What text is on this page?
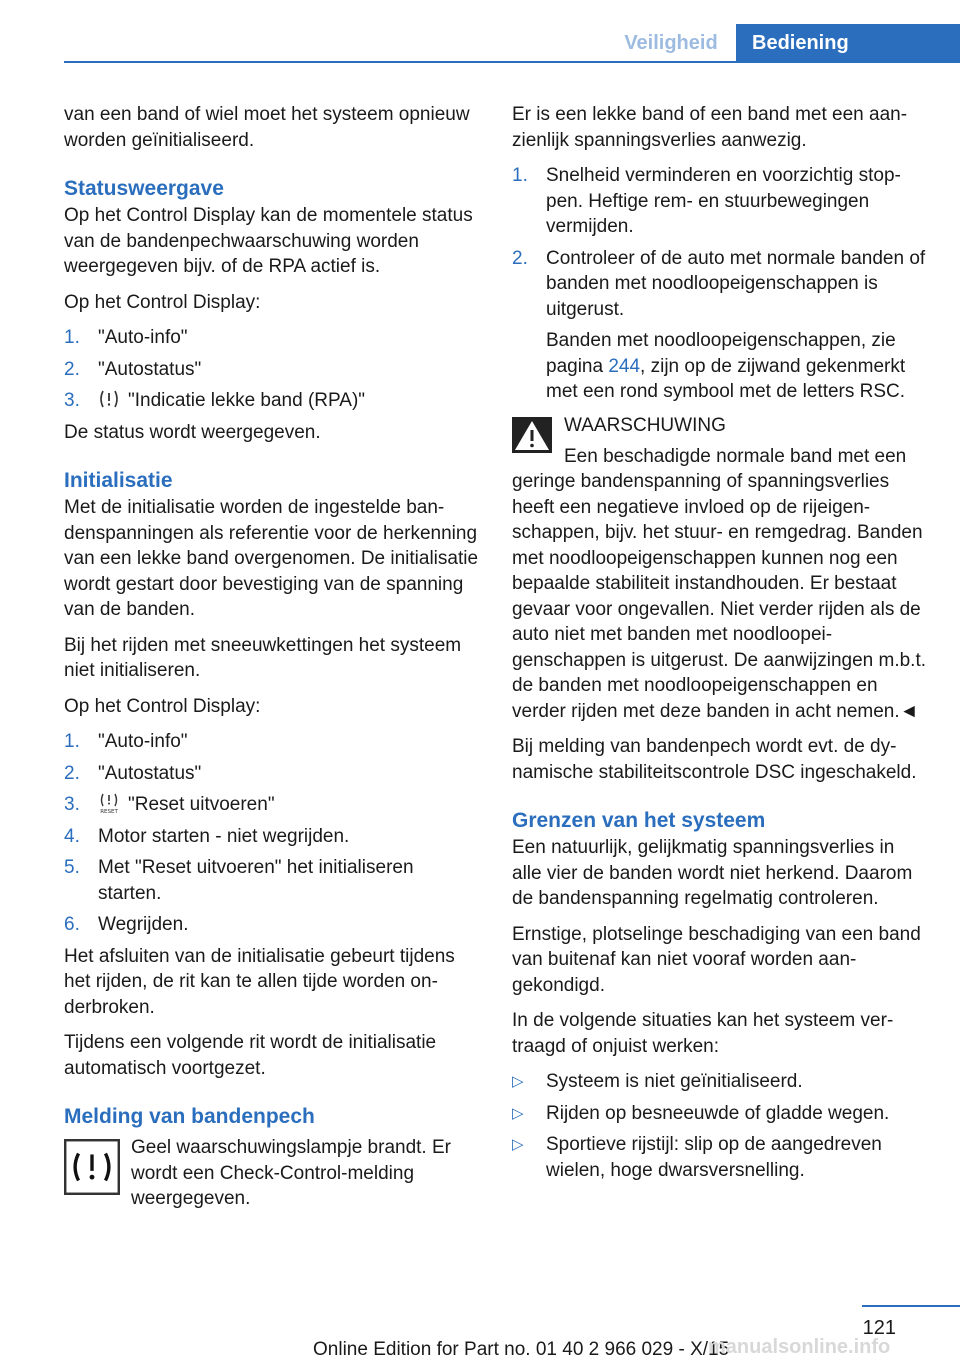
Veiligheid	Bediening

van een band of wiel moet het systeem opnieuw worden geïnitialiseerd.

Statusweergave

Op het Control Display kan de momentele status van de bandenpechwaarschuwing worden weergegeven bijv. of de RPA actief is.

Op het Control Display:

1. "Auto-info"
2. "Autostatus"
3.	"Indicatie lekke band (RPA)"

De status wordt weergegeven.

Initialisatie

Met de initialisatie worden de ingestelde bandenspanningen als referentie voor de herkenning van een lekke band overgenomen. De initialisatie wordt gestart door bevestiging van de spanning van de banden.

Bij het rijden met sneeuwkettingen het systeem niet initialiseren.

Op het Control Display:

1. "Auto-info"
2. "Autostatus"
3.	RESET "Reset uitvoeren"
4. Motor starten - niet wegrijden.
5. Met "Reset uitvoeren" het initialiseren starten.
6. Wegrijden.

Het afsluiten van de initialisatie gebeurt tijdens het rijden, de rit kan te allen tijde worden onderbroken.

Tijdens een volgende rit wordt de initialisatie automatisch voortgezet.

Melding van bandenpech

Geel waarschuwingslampje brandt. Er wordt een Check-Control-melding weergegeven.

Er is een lekke band of een band met een aanzienlijk spanningsverlies aanwezig.

1. Snelheid verminderen en voorzichtig stoppen. Heftige rem- en stuurbewegingen vermijden.
2. Controleer of de auto met normale banden of banden met noodloopeigenschappen is uitgerust.

Banden met noodloopeigenschappen, zie pagina 244, zijn op de zijwand gekenmerkt met een rond symbool met de letters RSC.

WAARSCHUWING

Een beschadigde normale band met een geringe bandenspanning of spanningsverlies heeft een negatieve invloed op de rijeigenschappen, bijv. het stuur- en remgedrag. Banden met noodloopeigenschappen kunnen nog een bepaalde stabiliteit instandhouden. Er bestaat gevaar voor ongevallen. Niet verder rijden als de auto niet met banden met noodloopeigenschappen is uitgerust. De aanwijzingen m.b.t. de banden met noodloopeigenschappen en verder rijden met deze banden in acht nemen.◄

Bij melding van bandenpech wordt evt. de dynamische stabiliteitscontrole DSC ingeschakeld.

Grenzen van het systeem

Een natuurlijk, gelijkmatig spanningsverlies in alle vier de banden wordt niet herkend. Daarom de bandenspanning regelmatig controleren.

Ernstige, plotselinge beschadiging van een band van buitenaf kan niet vooraf worden aangekondigd.

In de volgende situaties kan het systeem vertraagd of onjuist werken:

▷ Systeem is niet geïnitialiseerd.
▷ Rijden op besneeuwde of gladde wegen.
▷ Sportieve rijstijl: slip op de aangedreven wielen, hoge dwarsversnelling.
121
Online Edition for Part no. 01 40 2 966 029 - X/15
manualsonline.info
